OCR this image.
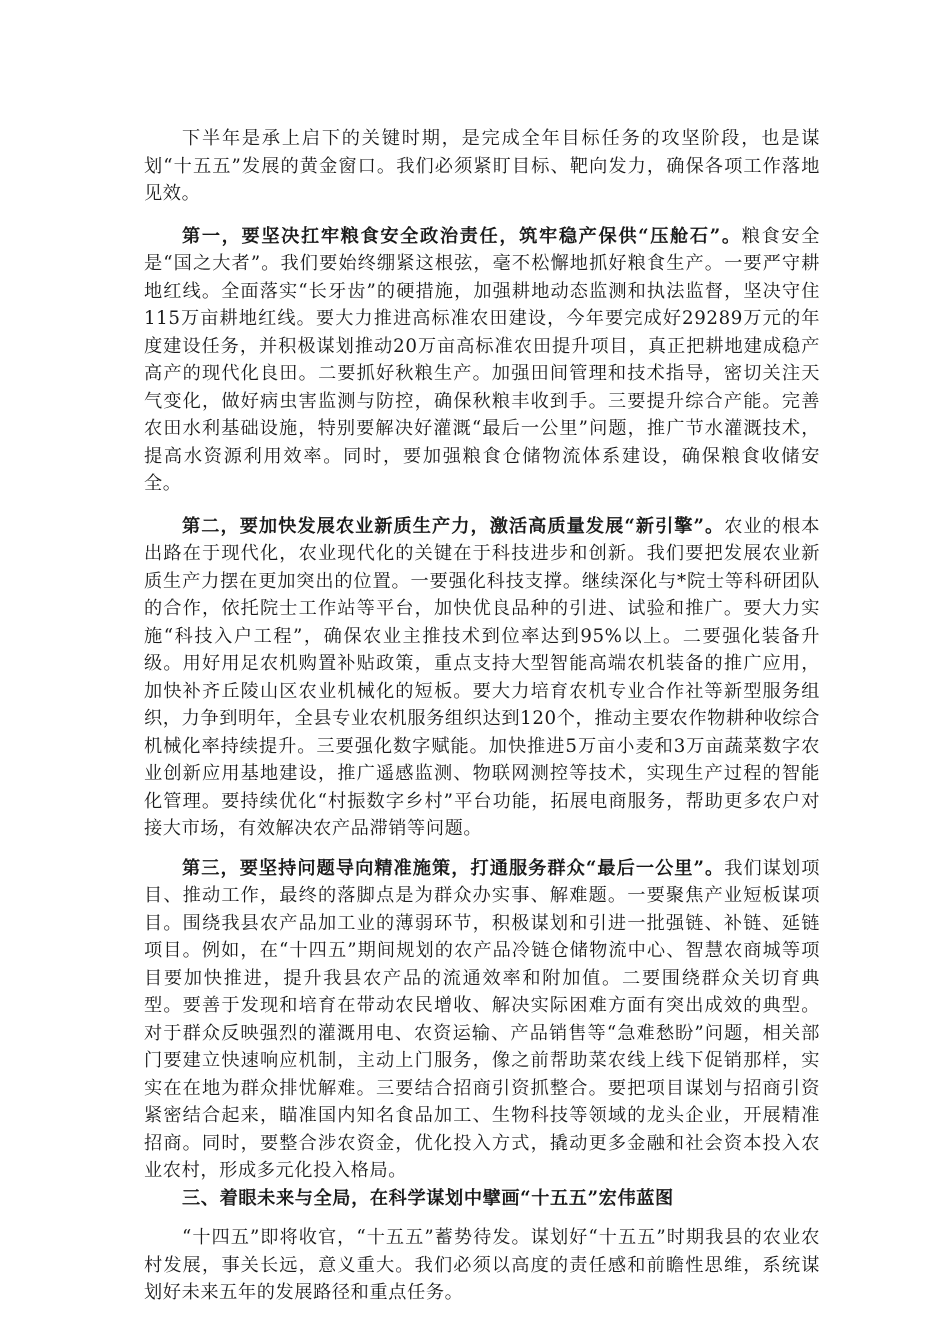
下半年是承上启下的关键时期，是完成全年目标任务的攻坚阶段，也是谋划“十五五”发展的黄金窗口。我们必须紧盯目标、靶向发力，确保各项工作落地见效。

第一，要坚决扛牢粮食安全政治责任，筑牢稳产保供“压舱石”。粮食安全是“国之大者”。我们要始终绷紧这根弦，毫不松懈地抓好粮食生产。一要严守耕地红线。全面落实“长牙齿”的硬措施，加强耕地动态监测和执法监督，坚决守住115万亩耕地红线。要大力推进高标准农田建设，今年要完成好29289万元的年度建设任务，并积极谋划推动20万亩高标准农田提升项目，真正把耕地建成稳产高产的现代化良田。二要抓好秋粮生产。加强田间管理和技术指导，密切关注天气变化，做好病虫害监测与防控，确保秋粮丰收到手。三要提升综合产能。完善农田水利基础设施，特别要解决好灌溉“最后一公里”问题，推广节水灌溉技术，提高水资源利用效率。同时，要加强粮食仓储物流体系建设，确保粮食收储安全。

第二，要加快发展农业新质生产力，激活高质量发展“新引擎”。农业的根本出路在于现代化，农业现代化的关键在于科技进步和创新。我们要把发展农业新质生产力摆在更加突出的位置。一要强化科技支撑。继续深化与*院士等科研团队的合作，依托院士工作站等平台，加快优良品种的引进、试验和推广。要大力实施“科技入户工程”，确保农业主推技术到位率达到95%以上。二要强化装备升级。用好用足农机购置补贴政策，重点支持大型智能高端农机装备的推广应用，加快补齐丘陵山区农业机械化的短板。要大力培育农机专业合作社等新型服务组织，力争到明年，全县专业农机服务组织达到120个，推动主要农作物耕种收综合机械化率持续提升。三要强化数字赋能。加快推进5万亩小麦和3万亩蔬菜数字农业创新应用基地建设，推广遥感监测、物联网测控等技术，实现生产过程的智能化管理。要持续优化“村振数字乡村”平台功能，拓展电商服务，帮助更多农户对接大市场，有效解决农产品滞销等问题。

第三，要坚持问题导向精准施策，打通服务群众“最后一公里”。我们谋划项目、推动工作，最终的落脚点是为群众办实事、解难题。一要聚焦产业短板谋项目。围绕我县农产品加工业的薄弱环节，积极谋划和引进一批强链、补链、延链项目。例如，在“十四五”期间规划的农产品冷链仓储物流中心、智慧农商城等项目要加快推进，提升我县农产品的流通效率和附加值。二要围绕群众关切育典型。要善于发现和培育在带动农民增收、解决实际困难方面有突出成效的典型。对于群众反映强烈的灌溉用电、农资运输、产品销售等“急难愁盼”问题，相关部门要建立快速响应机制，主动上门服务，像之前帮助菜农线上线下促销那样，实实在在地为群众排忧解难。三要结合招商引资抓整合。要把项目谋划与招商引资紧密结合起来，瞄准国内知名食品加工、生物科技等领域的龙头企业，开展精准招商。同时，要整合涉农资金，优化投入方式，撬动更多金融和社会资本投入农业农村，形成多元化投入格局。

三、着眼未来与全局，在科学谋划中擘画“十五五”宏伟蓝图

“十四五”即将收官，“十五五”蓄势待发。谋划好“十五五”时期我县的农业农村发展，事关长远，意义重大。我们必须以高度的责任感和前瞻性思维，系统谋划好未来五年的发展路径和重点任务。
